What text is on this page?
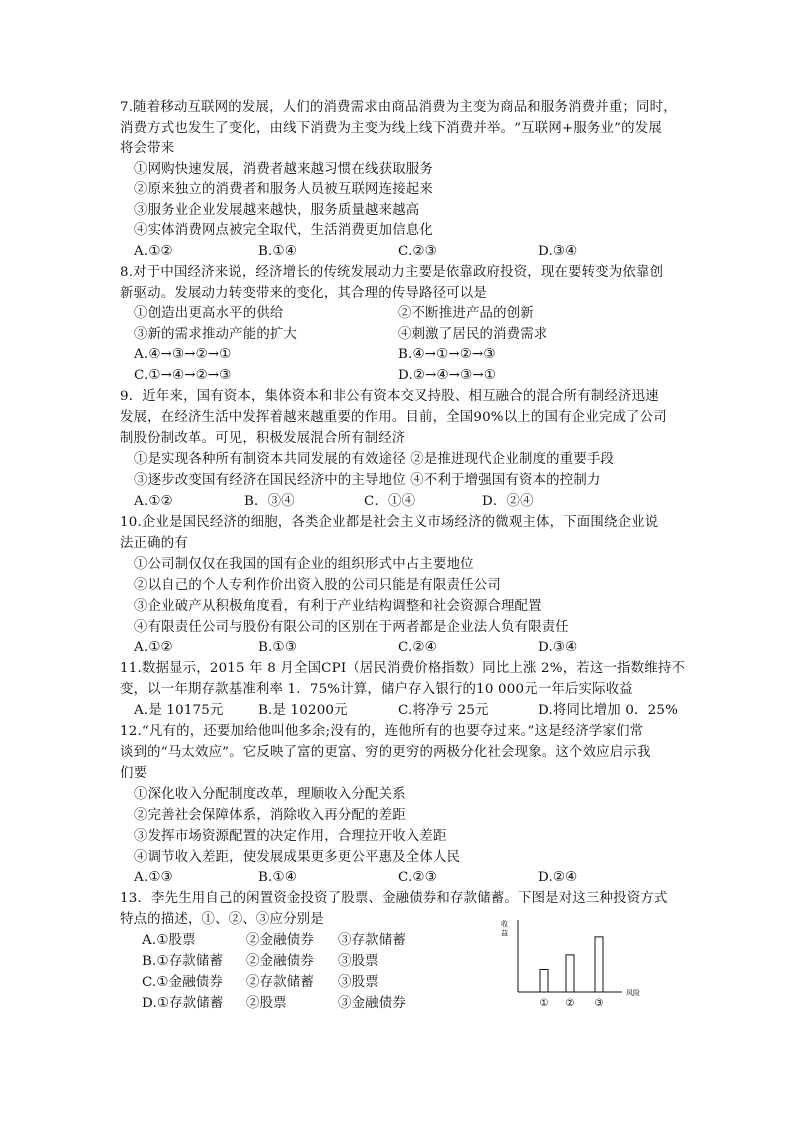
7.随着移动互联网的发展，人们的消费需求由商品消费为主变为商品和服务消费并重；同时，
消费方式也发生了变化，由线下消费为主变为线上线下消费并举。“互联网+服务业”的发展
将会带来
①网购快速发展，消费者越来越习惯在线获取服务
②原来独立的消费者和服务人员被互联网连接起来
③服务业企业发展越来越快，服务质量越来越高
④实体消费网点被完全取代，生活消费更加信息化
A.①②	B.①④	C.②③	D.③④
8.对于中国经济来说，经济增长的传统发展动力主要是依靠政府投资，现在要转变为依靠创
新驱动。发展动力转变带来的变化，其合理的传导路径可以是
①创造出更高水平的供给	②不断推进产品的创新
③新的需求推动产能的扩大	④刺激了居民的消费需求
A.④→③→②→①	B.④→①→②→③
C.①→④→②→③	D.②→④→③→①
9．近年来，国有资本，集体资本和非公有资本交叉持股、相互融合的混合所有制经济迅速
发展，在经济生活中发挥着越来越重要的作用。目前，全国90%以上的国有企业完成了公司
制股份制改革。可见，积极发展混合所有制经济
①是实现各种所有制资本共同发展的有效途径 ②是推进现代企业制度的重要手段
③逐步改变国有经济在国民经济中的主导地位 ④不利于增强国有资本的控制力
A.①②	B．③④	C．①④	D．②④
10.企业是国民经济的细胞，各类企业都是社会主义市场经济的微观主体，下面围绕企业说
法正确的有
①公司制仅仅在我国的国有企业的组织形式中占主要地位
②以自己的个人专利作价出资入股的公司只能是有限责任公司
③企业破产从积极角度看，有利于产业结构调整和社会资源合理配置
④有限责任公司与股份有限公司的区别在于两者都是企业法人负有限责任
A.①②	B.①③	C.②④	D.③④
11.数据显示，2015 年 8 月全国CPI（居民消费价格指数）同比上涨 2%，若这一指数维持不
变，以一年期存款基准利率 1．75%计算，储户存入银行的10 000元一年后实际收益
A.是 10175元	B.是 10200元	C.将净亏 25元	D.将同比增加 0．25%
12.“凡有的，还要加给他叫他多余;没有的，连他所有的也要夺过来。”这是经济学家们常
谈到的“马太效应”。它反映了富的更富、穷的更穷的两极分化社会现象。这个效应启示我
们要
①深化收入分配制度改革，理顺收入分配关系
②完善社会保障体系，消除收入再分配的差距
③发挥市场资源配置的决定作用，合理拉开收入差距
④调节收入差距，使发展成果更多更公平惠及全体人民
A.①③	B.①④	C.②③	D.②④
13．李先生用自己的闲置资金投资了股票、金融债券和存款储蓄。下图是对这三种投资方式
特点的描述，①、②、③应分别是
A.①股票	②金融债券 ③存款储蓄
B.①存款储蓄 ②金融债券 ③股票
C.①金融债券 ②存款储蓄 ③股票
D.①存款储蓄 ②股票	③金融债券	① ② ③
收益
风险
